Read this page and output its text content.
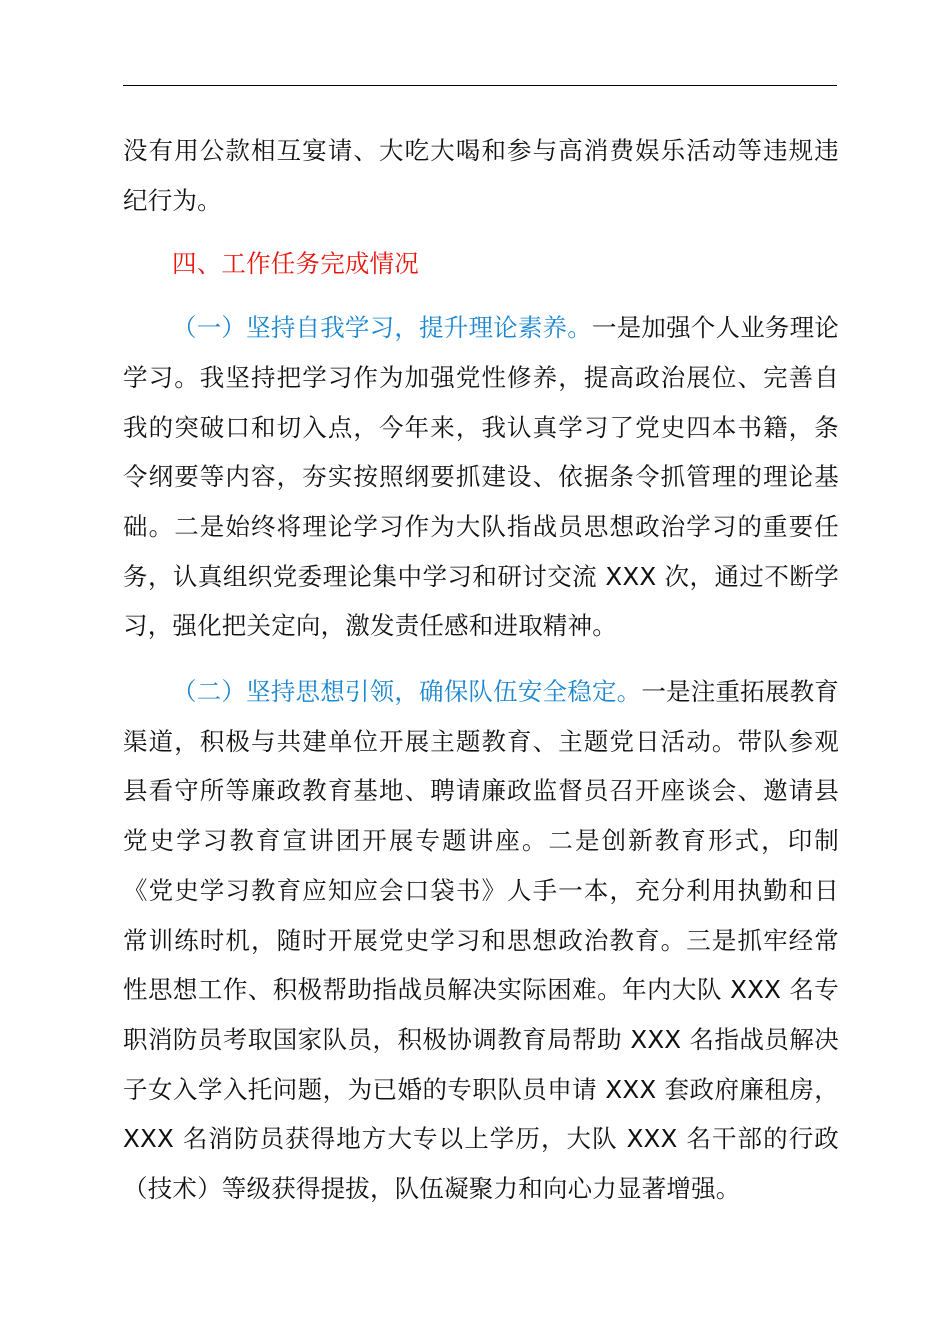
没有用公款相互宴请、大吃大喝和参与高消费娱乐活动等违规违纪行为。

四、工作任务完成情况

（一）坚持自我学习，提升理论素养。一是加强个人业务理论学习。我坚持把学习作为加强党性修养，提高政治展位、完善自我的突破口和切入点，今年来，我认真学习了党史四本书籍，条令纲要等内容，夯实按照纲要抓建设、依据条令抓管理的理论基础。二是始终将理论学习作为大队指战员思想政治学习的重要任务，认真组织党委理论集中学习和研讨交流 XXX 次，通过不断学习，强化把关定向，激发责任感和进取精神。

（二）坚持思想引领，确保队伍安全稳定。一是注重拓展教育渠道，积极与共建单位开展主题教育、主题党日活动。带队参观县看守所等廉政教育基地、聘请廉政监督员召开座谈会、邀请县党史学习教育宣讲团开展专题讲座。二是创新教育形式，印制《党史学习教育应知应会口袋书》人手一本，充分利用执勤和日常训练时机，随时开展党史学习和思想政治教育。三是抓牢经常性思想工作、积极帮助指战员解决实际困难。年内大队 XXX 名专职消防员考取国家队员，积极协调教育局帮助 XXX 名指战员解决子女入学入托问题，为已婚的专职队员申请 XXX 套政府廉租房，XXX 名消防员获得地方大专以上学历，大队 XXX 名干部的行政（技术）等级获得提拔，队伍凝聚力和向心力显著增强。
